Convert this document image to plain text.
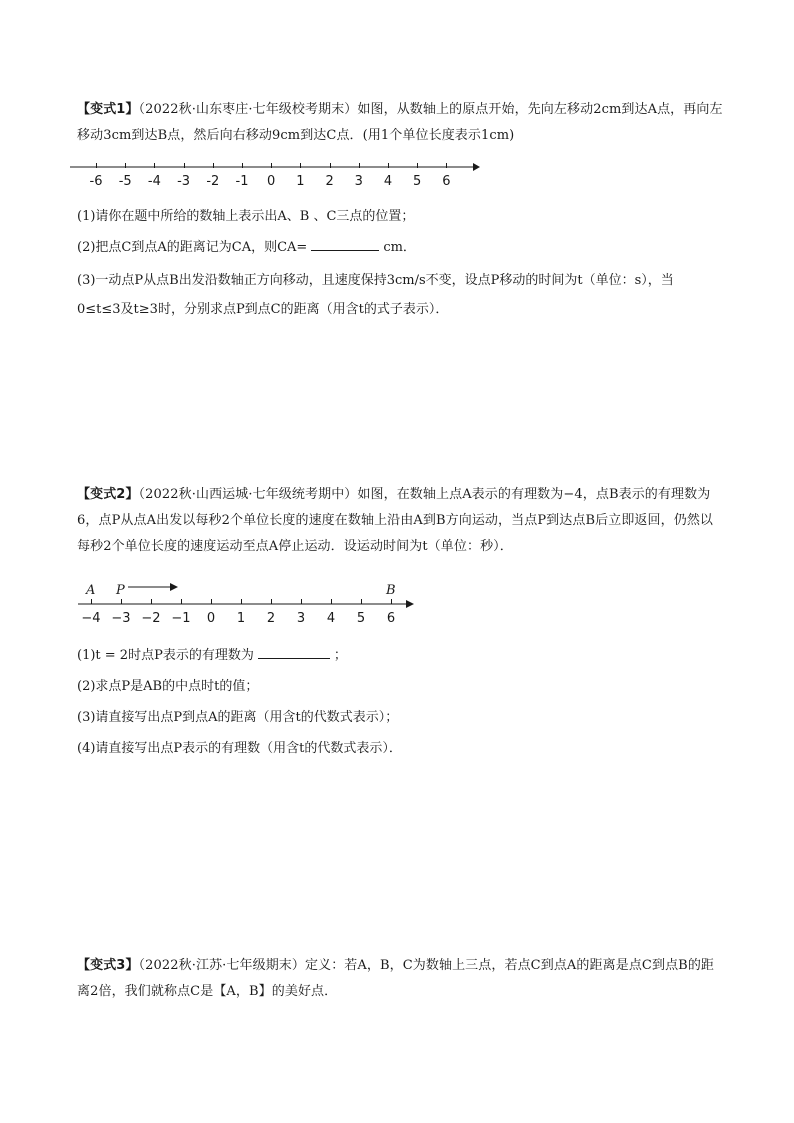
【变式1】（2022秋·山东枣庄·七年级校考期末）如图，从数轴上的原点开始，先向左移动2cm到达A点，再向左移动3cm到达B点，然后向右移动9cm到达C点．(用1个单位长度表示1cm)
-6 -5 -4 -3 -2 -1 0 1 2 3 4 5 6
(1)请你在题中所给的数轴上表示出A、B 、C三点的位置；
(2)把点C到点A的距离记为CA，则CA=	cm．
(3)一动点P从点B出发沿数轴正方向移动，且速度保持3cm/s不变，设点P移动的时间为t（单位：s），当
0≤t≤3及t≥3时，分别求点P到点C的距离（用含t的式子表示）．
【变式2】（2022秋·山西运城·七年级统考期中）如图，在数轴上点A表示的有理数为−4，点B表示的有理数为6，点P从点A出发以每秒2个单位长度的速度在数轴上沿由A到B方向运动，当点P到达点B后立即返回，仍然以每秒2个单位长度的速度运动至点A停止运动．设运动时间为t（单位：秒）．
A P	B
−4 −3 −2 −1 0 1 2 3 4 5 6
(1)t = 2时点P表示的有理数为	；
(2)求点P是AB的中点时t的值；
(3)请直接写出点P到点A的距离（用含t的代数式表示）；
(4)请直接写出点P表示的有理数（用含t的代数式表示）．
【变式3】（2022秋·江苏·七年级期末）定义：若A，B，C为数轴上三点，若点C到点A的距离是点C到点B的距离2倍，我们就称点C是【A，B】的美好点．
